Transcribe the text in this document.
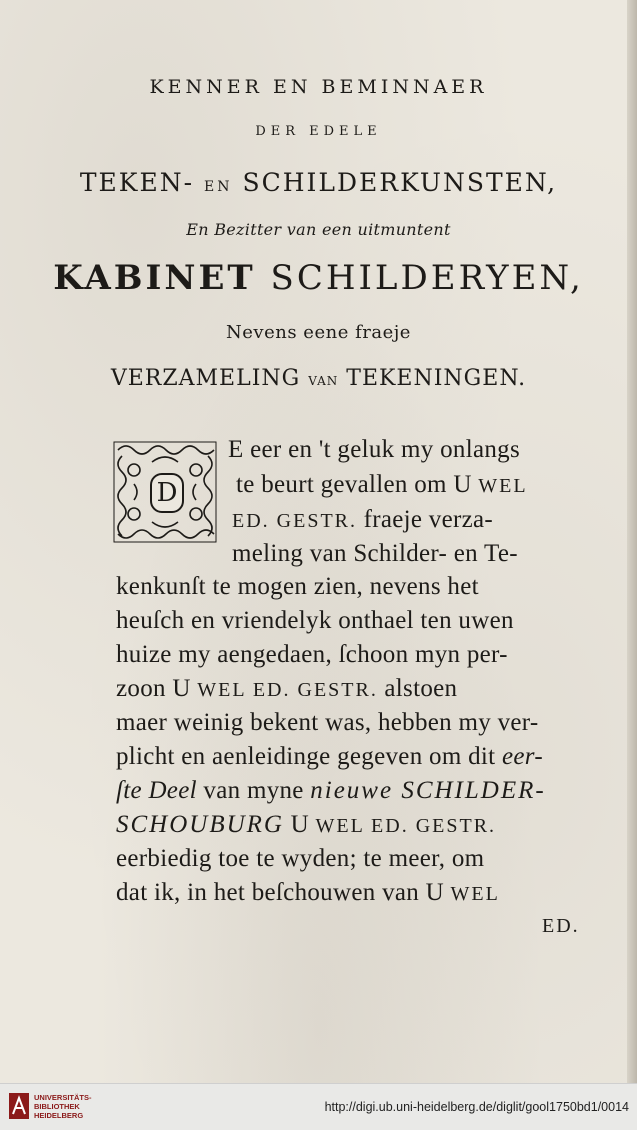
KENNER EN BEMINNAER
DER EDELE
TEKEN- EN SCHILDERKUNSTEN,
En Bezitter van een uitmuntent
KABINET SCHILDERYEN,
Nevens eene fraeje
VERZAMELING VAN TEKENINGEN.
D
E eer en 't geluk my onlangs
te beurt gevallen om U WEL
ED. GESTR. fraeje verza-
meling van Schilder- en Te-
kenkunſt te mogen zien, nevens het
heuſch en vriendelyk onthael ten uwen
huize my aengedaen, ſchoon myn per-
zoon U WEL ED. GESTR. alstoen
maer weinig bekent was, hebben my ver-
plicht en aenleidinge gegeven om dit eer-
ſte Deel van myne nieuwe SCHILDER-
SCHOUBURG U WEL ED. GESTR.
eerbiedig toe te wyden; te meer, om
dat ik, in het beſchouwen van U WEL
ED.
UNIVERSITÄTS-
BIBLIOTHEK
HEIDELBERG
http://digi.ub.uni-heidelberg.de/diglit/gool1750bd1/0014
